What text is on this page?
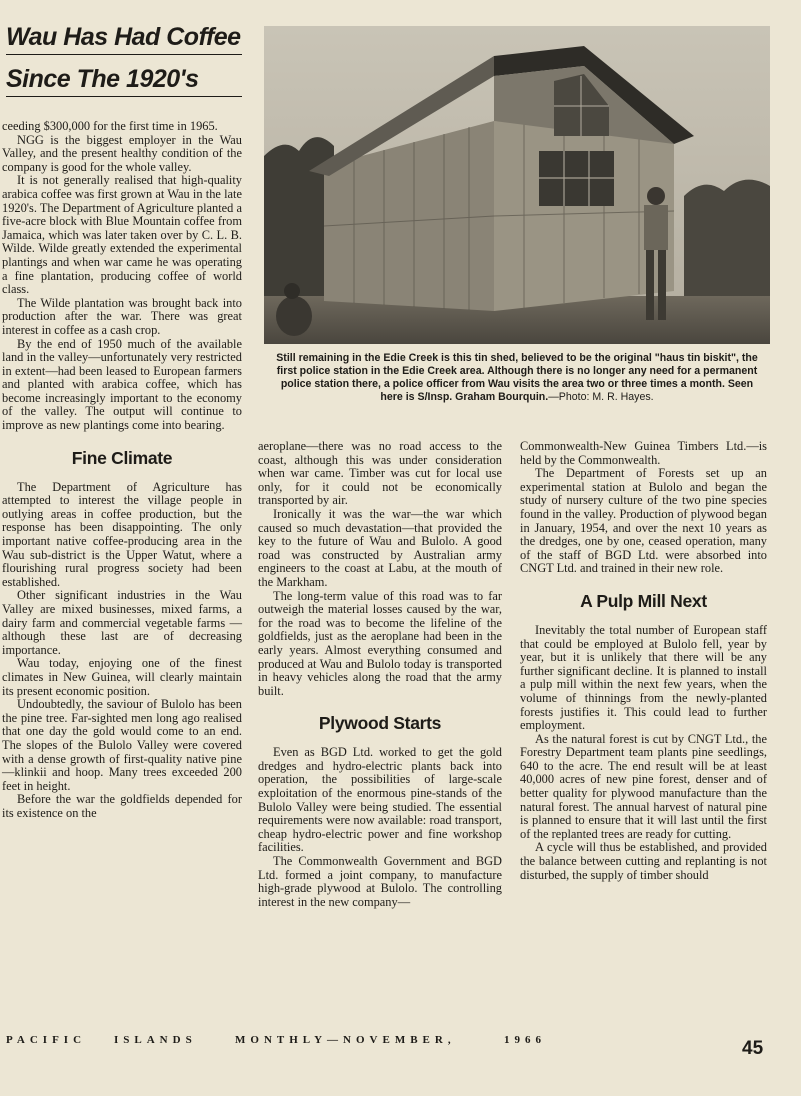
Wau Has Had Coffee
Since The 1920's

ceeding $300,000 for the first time in 1965.

NGG is the biggest employer in the Wau Valley, and the present healthy condition of the company is good for the whole valley.

It is not generally realised that high-quality arabica coffee was first grown at Wau in the late 1920's. The Department of Agriculture planted a five-acre block with Blue Mountain coffee from Jamaica, which was later taken over by C. L. B. Wilde. Wilde greatly extended the experimental plantings and when war came he was operating a fine plantation, producing coffee of world class.

The Wilde plantation was brought back into production after the war. There was great interest in coffee as a cash crop.

By the end of 1950 much of the available land in the valley—unfortunately very restricted in extent—had been leased to European farmers and planted with arabica coffee, which has become increasingly important to the economy of the valley. The output will continue to improve as new plantings come into bearing.

Fine Climate

The Department of Agriculture has attempted to interest the village people in outlying areas in coffee production, but the response has been disappointing. The only important native coffee-producing area in the Wau sub-district is the Upper Watut, where a flourishing rural progress society had been established.

Other significant industries in the Wau Valley are mixed businesses, mixed farms, a dairy farm and commercial vegetable farms — although these last are of decreasing importance.

Wau today, enjoying one of the finest climates in New Guinea, will clearly maintain its present economic position.

Undoubtedly, the saviour of Bulolo has been the pine tree. Far-sighted men long ago realised that one day the gold would come to an end. The slopes of the Bulolo Valley were covered with a dense growth of first-quality native pine—klinkii and hoop. Many trees exceeded 200 feet in height.

Before the war the goldfields depended for its existence on the

Still remaining in the Edie Creek is this tin shed, believed to be the original "haus tin biskit", the first police station in the Edie Creek area. Although there is no longer any need for a permanent police station there, a police officer from Wau visits the area two or three times a month. Seen here is S/Insp. Graham Bourquin.—Photo: M. R. Hayes.

aeroplane—there was no road access to the coast, although this was under consideration when war came. Timber was cut for local use only, for it could not be economically transported by air.

Ironically it was the war—the war which caused so much devastation—that provided the key to the future of Wau and Bulolo. A good road was constructed by Australian army engineers to the coast at Labu, at the mouth of the Markham.

The long-term value of this road was to far outweigh the material losses caused by the war, for the road was to become the lifeline of the goldfields, just as the aeroplane had been in the early years. Almost everything consumed and produced at Wau and Bulolo today is transported in heavy vehicles along the road that the army built.

Plywood Starts

Even as BGD Ltd. worked to get the gold dredges and hydro-electric plants back into operation, the possibilities of large-scale exploitation of the enormous pine-stands of the Bulolo Valley were being studied. The essential requirements were now available: road transport, cheap hydro-electric power and fine workshop facilities.

The Commonwealth Government and BGD Ltd. formed a joint company, to manufacture high-grade plywood at Bulolo. The controlling interest in the new company—

Commonwealth-New Guinea Timbers Ltd.—is held by the Commonwealth.

The Department of Forests set up an experimental station at Bulolo and began the study of nursery culture of the two pine species found in the valley. Production of plywood began in January, 1954, and over the next 10 years as the dredges, one by one, ceased operation, many of the staff of BGD Ltd. were absorbed into CNGT Ltd. and trained in their new role.

A Pulp Mill Next

Inevitably the total number of European staff that could be employed at Bulolo fell, year by year, but it is unlikely that there will be any further significant decline. It is planned to install a pulp mill within the next few years, when the volume of thinnings from the newly-planted forests justifies it. This could lead to further employment.

As the natural forest is cut by CNGT Ltd., the Forestry Department team plants pine seedlings, 640 to the acre. The end result will be at least 40,000 acres of new pine forest, denser and of better quality for plywood manufacture than the natural forest. The annual harvest of natural pine is planned to ensure that it will last until the first of the replanted trees are ready for cutting.

A cycle will thus be established, and provided the balance between cutting and replanting is not disturbed, the supply of timber should

PACIFIC	ISLANDS	MONTHLY—NOVEMBER,	1966	45
